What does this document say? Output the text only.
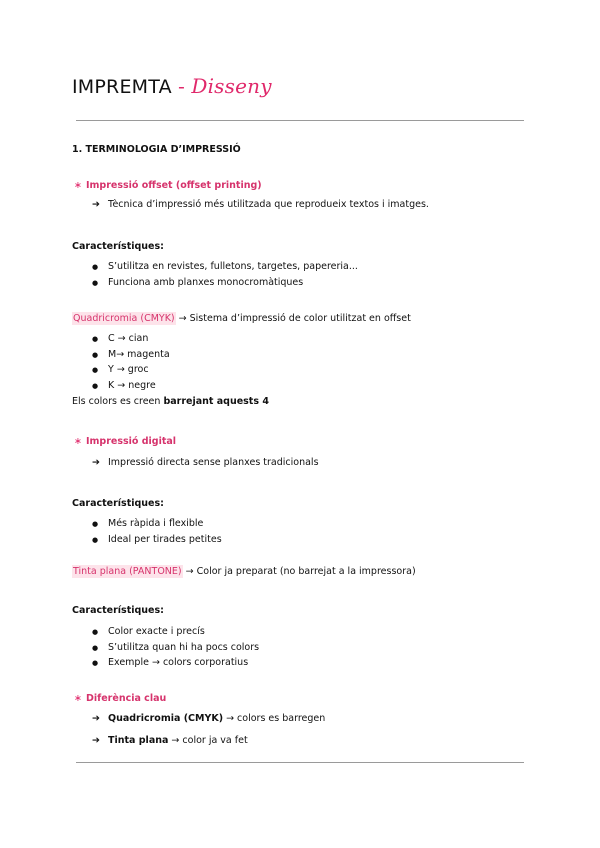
IMPREMTA - Disseny
1. TERMINOLOGIA D’IMPRESSIÓ
∗ Impressió offset (offset printing)
➔ Tècnica d’impressió més utilitzada que reprodueix textos i imatges.
Característiques:
● S’utilitza en revistes, fulletons, targetes, papereria...
● Funciona amb planxes monocromàtiques
Quadricromia (CMYK) → Sistema d’impressió de color utilitzat en offset
● C → cian
● M→ magenta
● Y → groc
● K → negre
Els colors es creen barrejant aquests 4
∗ Impressió digital
➔ Impressió directa sense planxes tradicionals
Característiques:
● Més ràpida i flexible
● Ideal per tirades petites
Tinta plana (PANTONE) → Color ja preparat (no barrejat a la impressora)
Característiques:
● Color exacte i precís
● S’utilitza quan hi ha pocs colors
● Exemple → colors corporatius
∗ Diferència clau
➔ Quadricromia (CMYK) → colors es barregen
➔ Tinta plana → color ja va fet
